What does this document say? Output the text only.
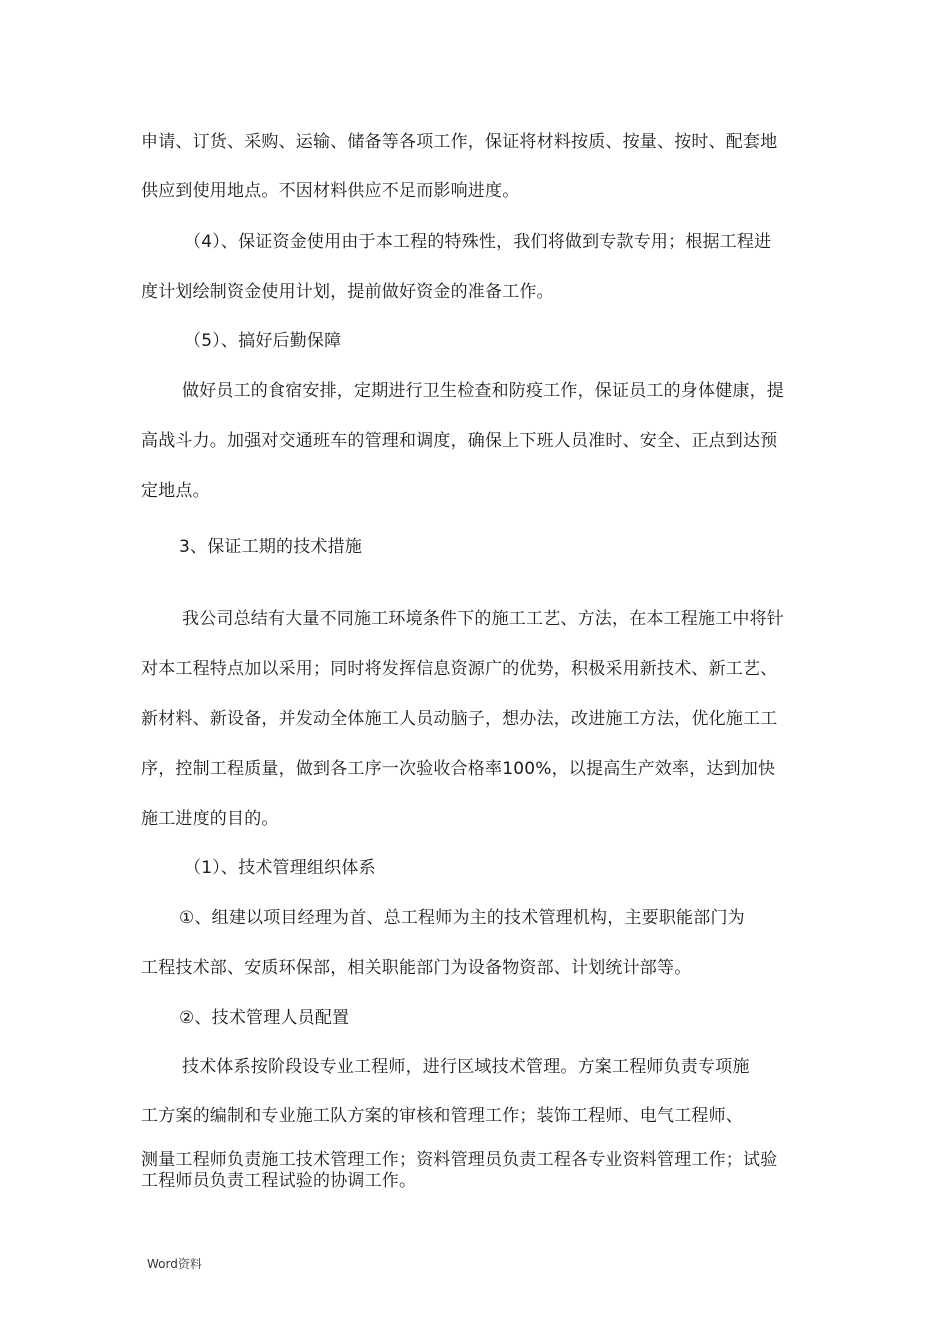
申请、订货、采购、运输、储备等各项工作，保证将材料按质、按量、按时、配套地
供应到使用地点。不因材料供应不足而影响进度。
（4）、保证资金使用由于本工程的特殊性，我们将做到专款专用；根据工程进
度计划绘制资金使用计划，提前做好资金的准备工作。
（5）、搞好后勤保障
做好员工的食宿安排，定期进行卫生检查和防疫工作，保证员工的身体健康，提
高战斗力。加强对交通班车的管理和调度，确保上下班人员准时、安全、正点到达预
定地点。
3、保证工期的技术措施
我公司总结有大量不同施工环境条件下的施工工艺、方法，在本工程施工中将针
对本工程特点加以采用；同时将发挥信息资源广的优势，积极采用新技术、新工艺、
新材料、新设备，并发动全体施工人员动脑子，想办法，改进施工方法，优化施工工
序，控制工程质量，做到各工序一次验收合格率100%，以提高生产效率，达到加快
施工进度的目的。
（1）、技术管理组织体系
①、组建以项目经理为首、总工程师为主的技术管理机构，主要职能部门为
工程技术部、安质环保部，相关职能部门为设备物资部、计划统计部等。
②、技术管理人员配置
技术体系按阶段设专业工程师，进行区域技术管理。方案工程师负责专项施
工方案的编制和专业施工队方案的审核和管理工作；装饰工程师、电气工程师、
测量工程师负责施工技术管理工作；资料管理员负责工程各专业资料管理工作；试验
工程师员负责工程试验的协调工作。
Word资料
